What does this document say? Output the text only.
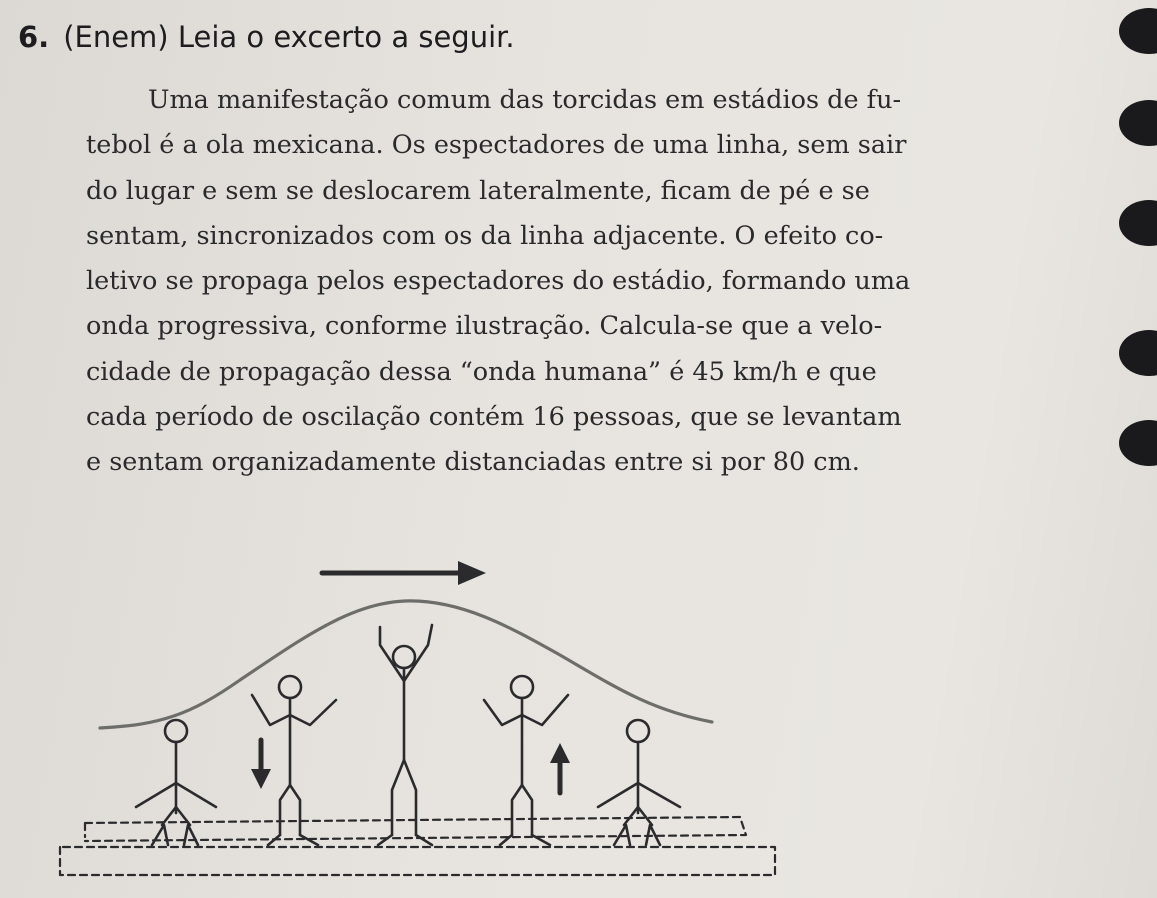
6. (Enem) Leia o excerto a seguir.
Uma manifestação comum das torcidas em estádios de fu-
tebol é a ola mexicana. Os espectadores de uma linha, sem sair
do lugar e sem se deslocarem lateralmente, ficam de pé e se
sentam, sincronizados com os da linha adjacente. O efeito co-
letivo se propaga pelos espectadores do estádio, formando uma
onda progressiva, conforme ilustração. Calcula-se que a velo-
cidade de propagação dessa “onda humana” é 45 km/h e que
cada período de oscilação contém 16 pessoas, que se levantam
e sentam organizadamente distanciadas entre si por 80 cm.
